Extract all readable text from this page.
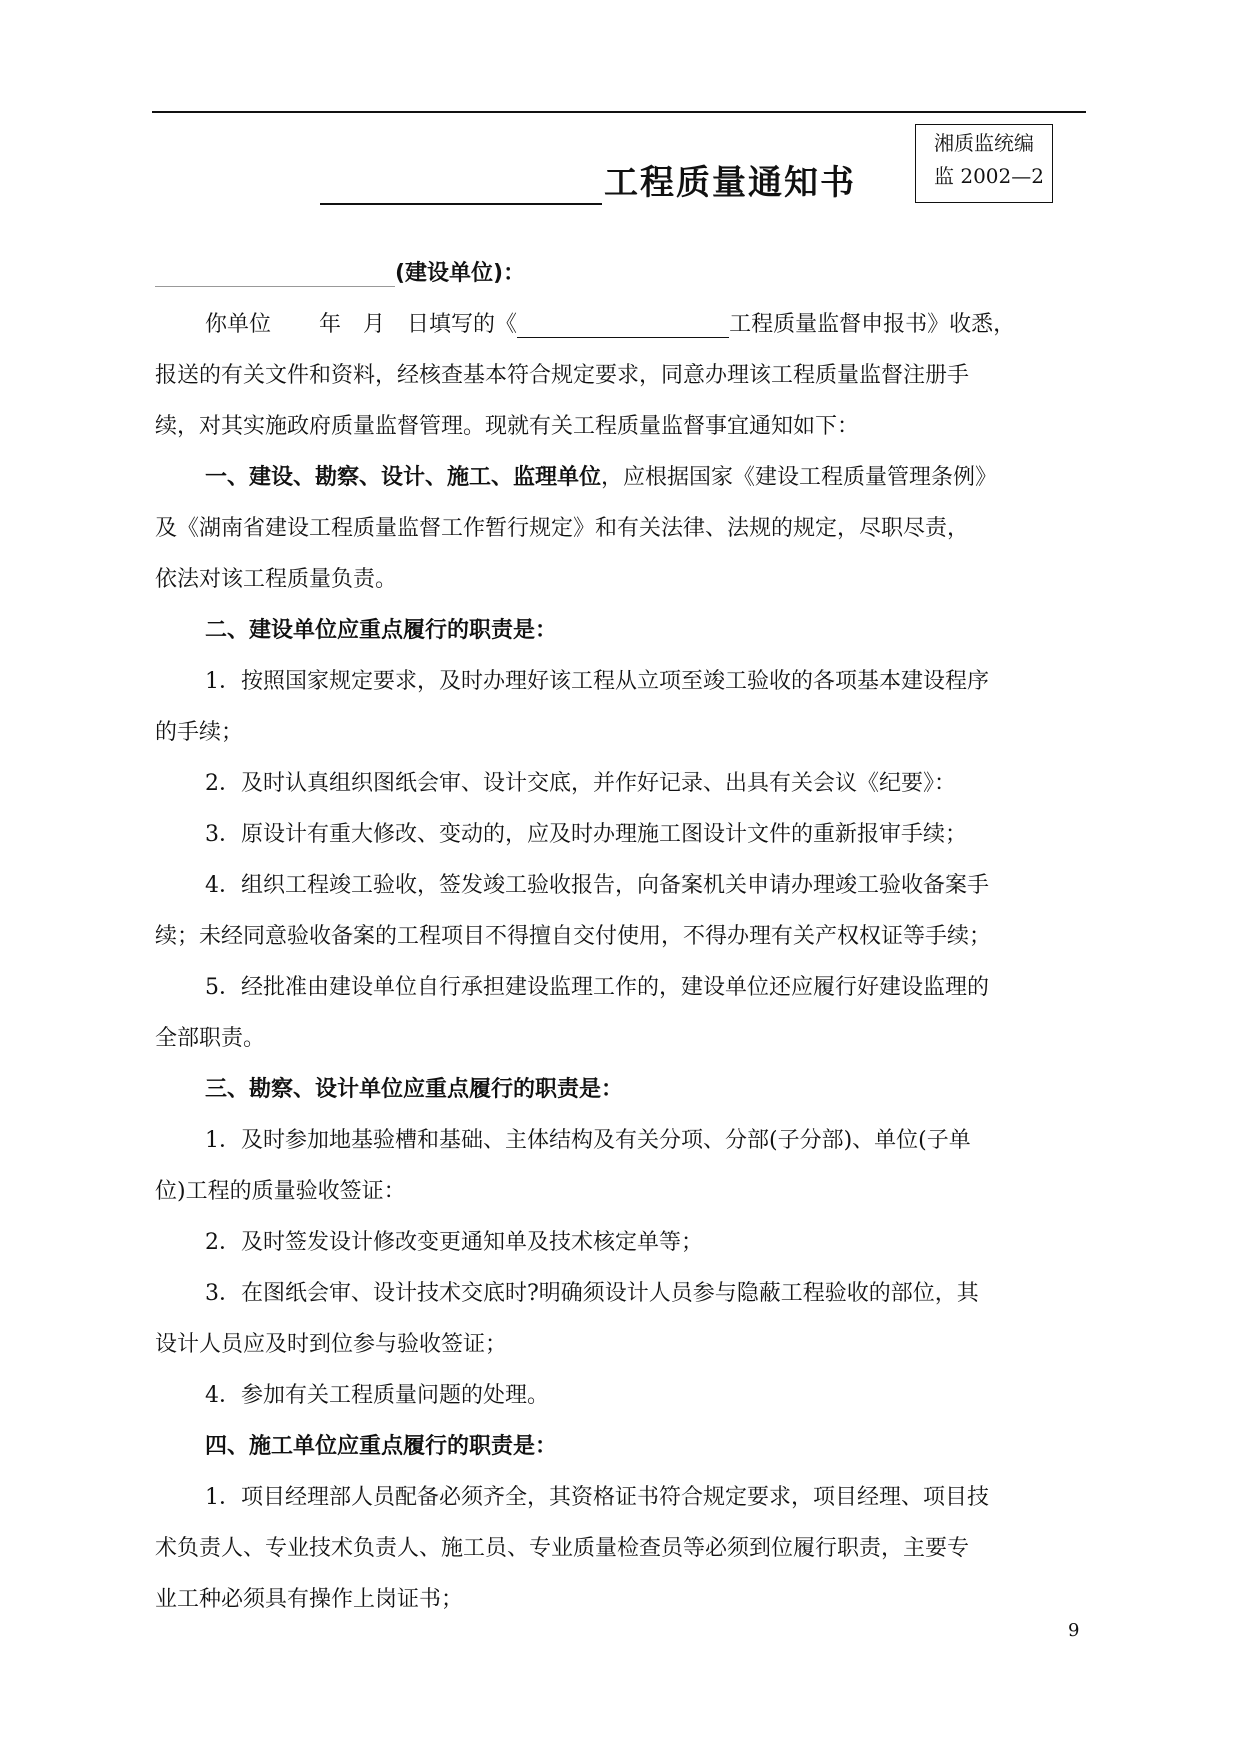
湘质监统编
监 2002—2
工程质量通知书
(建设单位)：
你单位 年 月 日填写的《	工程质量监督申报书》收悉，
报送的有关文件和资料，经核查基本符合规定要求，同意办理该工程质量监督注册手
续，对其实施政府质量监督管理。现就有关工程质量监督事宜通知如下：
一、建设、勘察、设计、施工、监理单位 ，应根据国家《建设工程质量管理条例》
及《湖南省建设工程质量监督工作暂行规定》和有关法律、法规的规定，尽职尽责，
依法对该工程质量负责。
二、建设单位应重点履行的职责是：
1．按照国家规定要求，及时办理好该工程从立项至竣工验收的各项基本建设程序
的手续；
2．及时认真组织图纸会审、设计交底，并作好记录、出具有关会议《纪要》：
3．原设计有重大修改、变动的，应及时办理施工图设计文件的重新报审手续；
4．组织工程竣工验收，签发竣工验收报告，向备案机关申请办理竣工验收备案手
续；未经同意验收备案的工程项目不得擅自交付使用，不得办理有关产权权证等手续；
5．经批准由建设单位自行承担建设监理工作的，建设单位还应履行好建设监理的
全部职责。
三、勘察、设计单位应重点履行的职责是：
1．及时参加地基验槽和基础、主体结构及有关分项、分部(子分部)、单位(子单
位)工程的质量验收签证：
2．及时签发设计修改变更通知单及技术核定单等；
3．在图纸会审、设计技术交底时?明确须设计人员参与隐蔽工程验收的部位，其
设计人员应及时到位参与验收签证；
4．参加有关工程质量问题的处理。
四、施工单位应重点履行的职责是：
1．项目经理部人员配备必须齐全，其资格证书符合规定要求，项目经理、项目技
术负责人、专业技术负责人、施工员、专业质量检查员等必须到位履行职责，主要专
业工种必须具有操作上岗证书；
9
